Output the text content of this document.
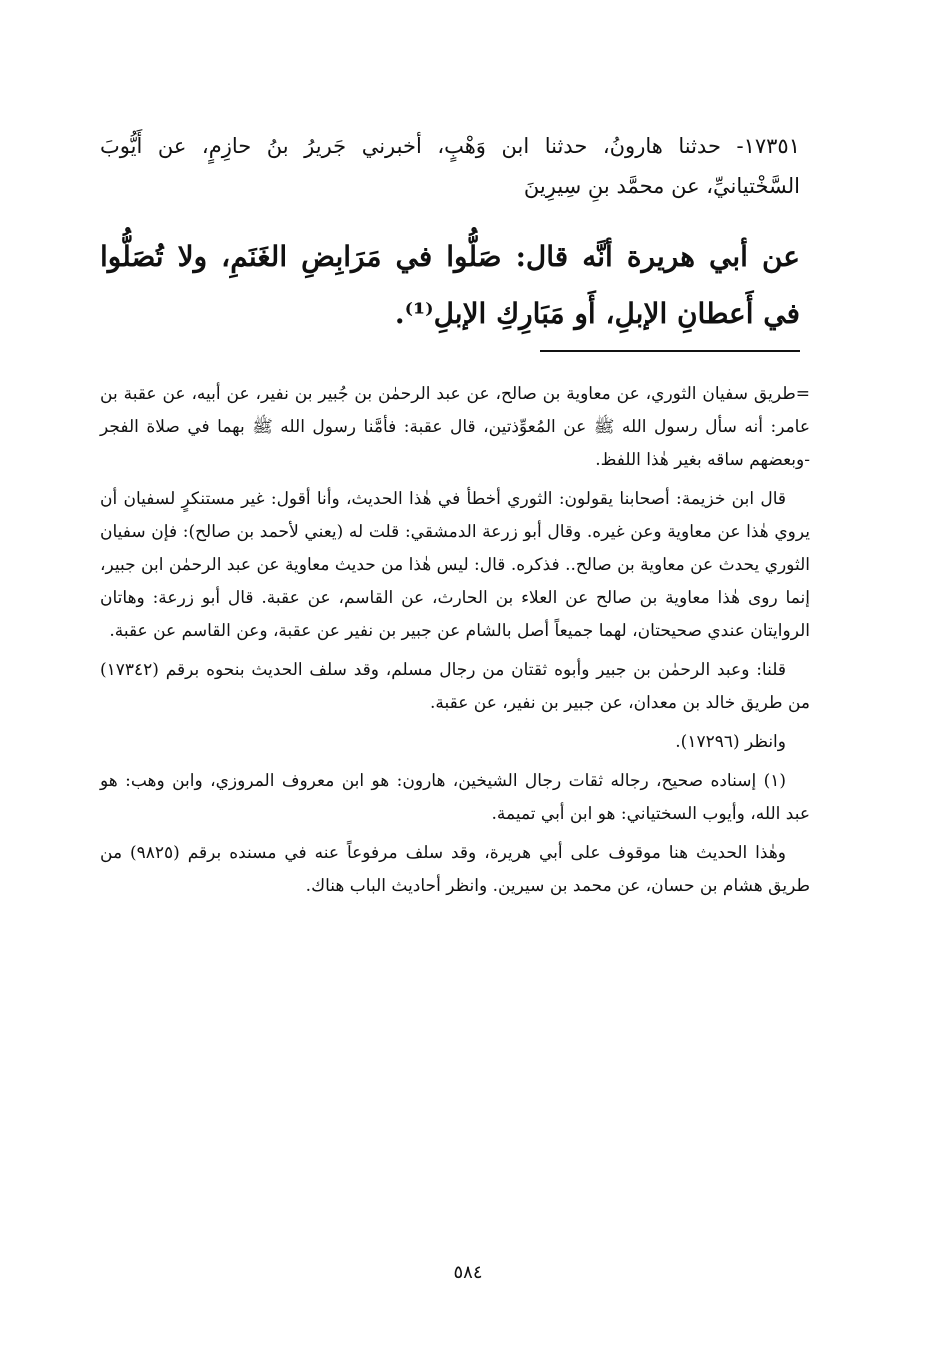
١٧٣٥١- حدثنا هارونُ، حدثنا ابن وَهْبٍ، أخبرني جَريرُ بنُ حازِمٍ، عن أَيُّوبَ السَّخْتيانيِّ، عن محمَّد بنِ سِيرِينَ

عن أبي هريرة أنَّه قال: صَلُّوا في مَرَابِضِ الغَنَمِ، ولا تُصَلُّوا في أَعطانِ الإبلِ، أَو مَبَارِكِ الإبلِ⁽¹⁾.

=طريق سفيان الثوري، عن معاوية بن صالح، عن عبد الرحمٰن بن جُبير بن نفير، عن أبيه، عن عقبة بن عامر: أنه سأل رسول الله ﷺ عن المُعوِّذتين، قال عقبة: فأمَّنا رسول الله ﷺ بهما في صلاة الفجر -وبعضهم ساقه بغير هٰذا اللفظ.

قال ابن خزيمة: أصحابنا يقولون: الثوري أخطأ في هٰذا الحديث، وأنا أقول: غير مستنكرٍ لسفيان أن يروي هٰذا عن معاوية وعن غيره. وقال أبو زرعة الدمشقي: قلت له (يعني لأحمد بن صالح): فإن سفيان الثوري يحدث عن معاوية بن صالح.. فذكره. قال: ليس هٰذا من حديث معاوية عن عبد الرحمٰن ابن جبير، إنما روى هٰذا معاوية بن صالح عن العلاء بن الحارث، عن القاسم، عن عقبة. قال أبو زرعة: وهاتان الروايتان عندي صحيحتان، لهما جميعاً أصل بالشام عن جبير بن نفير عن عقبة، وعن القاسم عن عقبة.

قلنا: وعبد الرحمٰن بن جبير وأبوه ثقتان من رجال مسلم، وقد سلف الحديث بنحوه برقم (١٧٣٤٢) من طريق خالد بن معدان، عن جبير بن نفير، عن عقبة.

وانظر (١٧٢٩٦).

(١) إسناده صحيح، رجاله ثقات رجال الشيخين، هارون: هو ابن معروف المروزي، وابن وهب: هو عبد الله، وأيوب السختياني: هو ابن أبي تميمة.

وهٰذا الحديث هنا موقوف على أبي هريرة، وقد سلف مرفوعاً عنه في مسنده برقم (٩٨٢٥) من طريق هشام بن حسان، عن محمد بن سيرين. وانظر أحاديث الباب هناك.

٥٨٤
